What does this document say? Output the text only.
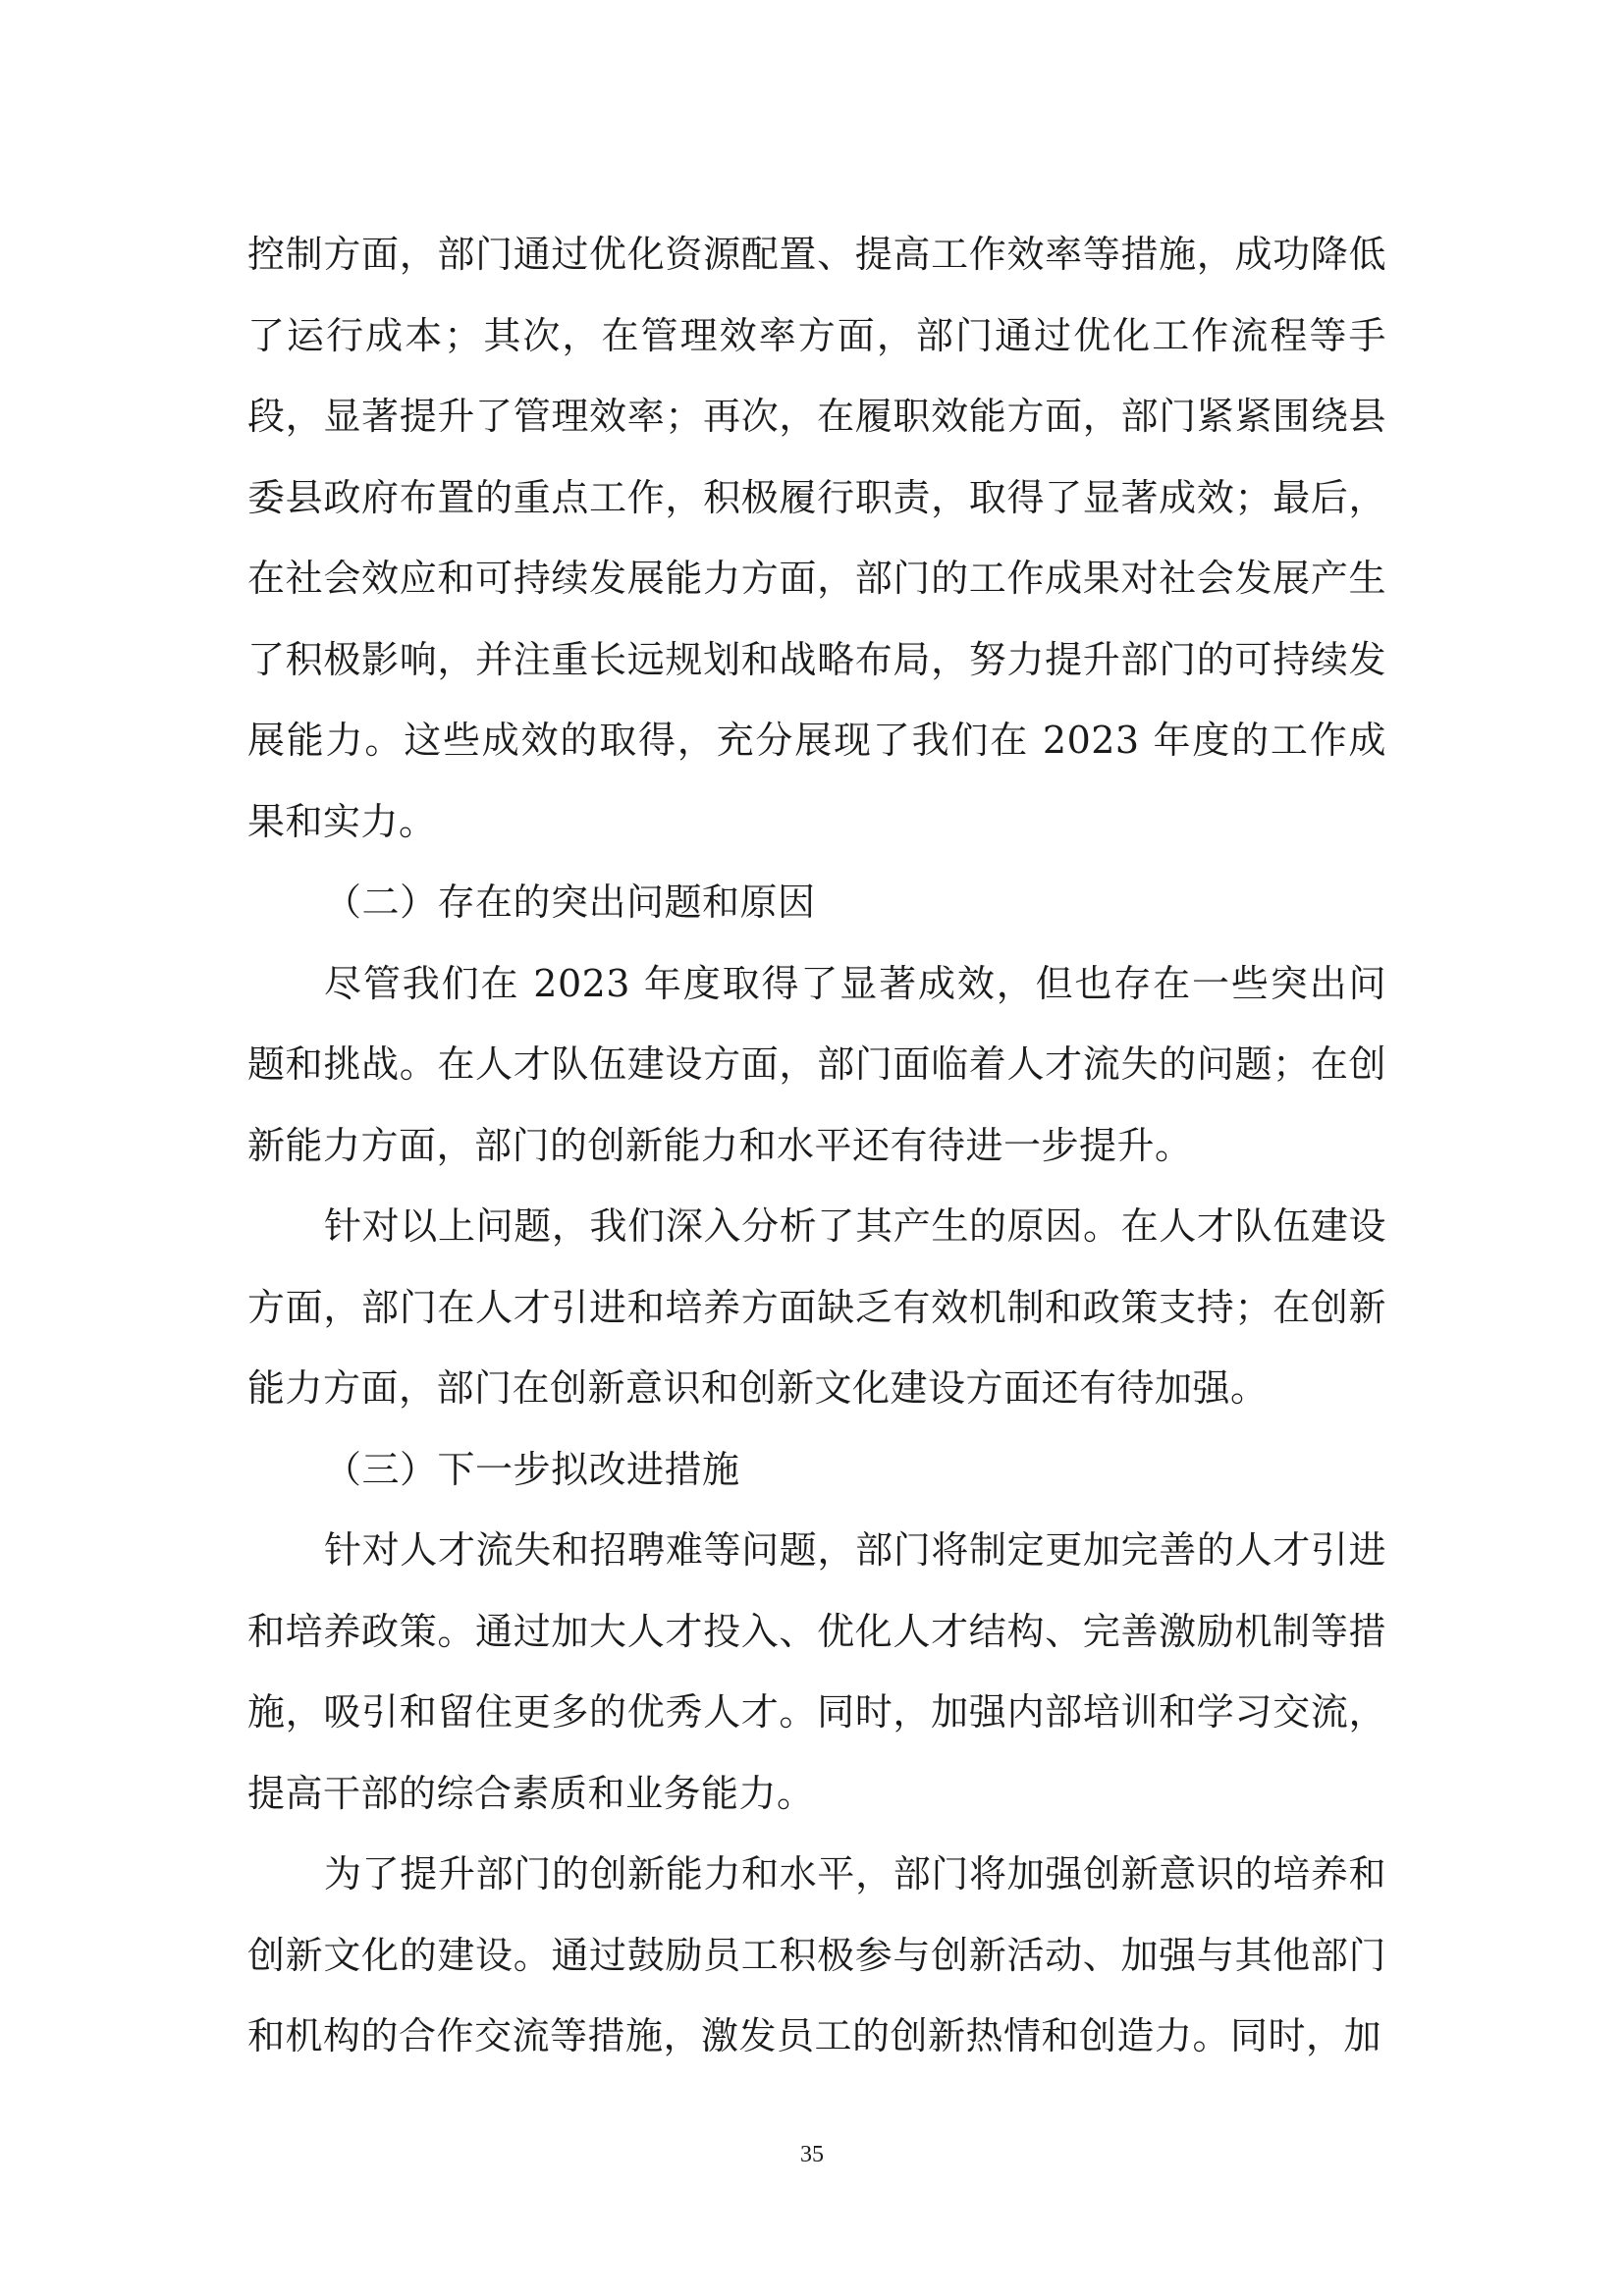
控制方面，部门通过优化资源配置、提高工作效率等措施，成功降低了运行成本；其次，在管理效率方面，部门通过优化工作流程等手段，显著提升了管理效率；再次，在履职效能方面，部门紧紧围绕县委县政府布置的重点工作，积极履行职责，取得了显著成效；最后，在社会效应和可持续发展能力方面，部门的工作成果对社会发展产生了积极影响，并注重长远规划和战略布局，努力提升部门的可持续发展能力。这些成效的取得，充分展现了我们在 2023 年度的工作成果和实力。

（二）存在的突出问题和原因

尽管我们在 2023 年度取得了显著成效，但也存在一些突出问题和挑战。在人才队伍建设方面，部门面临着人才流失的问题；在创新能力方面，部门的创新能力和水平还有待进一步提升。

针对以上问题，我们深入分析了其产生的原因。在人才队伍建设方面，部门在人才引进和培养方面缺乏有效机制和政策支持；在创新能力方面，部门在创新意识和创新文化建设方面还有待加强。

（三）下一步拟改进措施

针对人才流失和招聘难等问题，部门将制定更加完善的人才引进和培养政策。通过加大人才投入、优化人才结构、完善激励机制等措施，吸引和留住更多的优秀人才。同时，加强内部培训和学习交流，提高干部的综合素质和业务能力。

为了提升部门的创新能力和水平，部门将加强创新意识的培养和创新文化的建设。通过鼓励员工积极参与创新活动、加强与其他部门和机构的合作交流等措施，激发员工的创新热情和创造力。同时，加

35
